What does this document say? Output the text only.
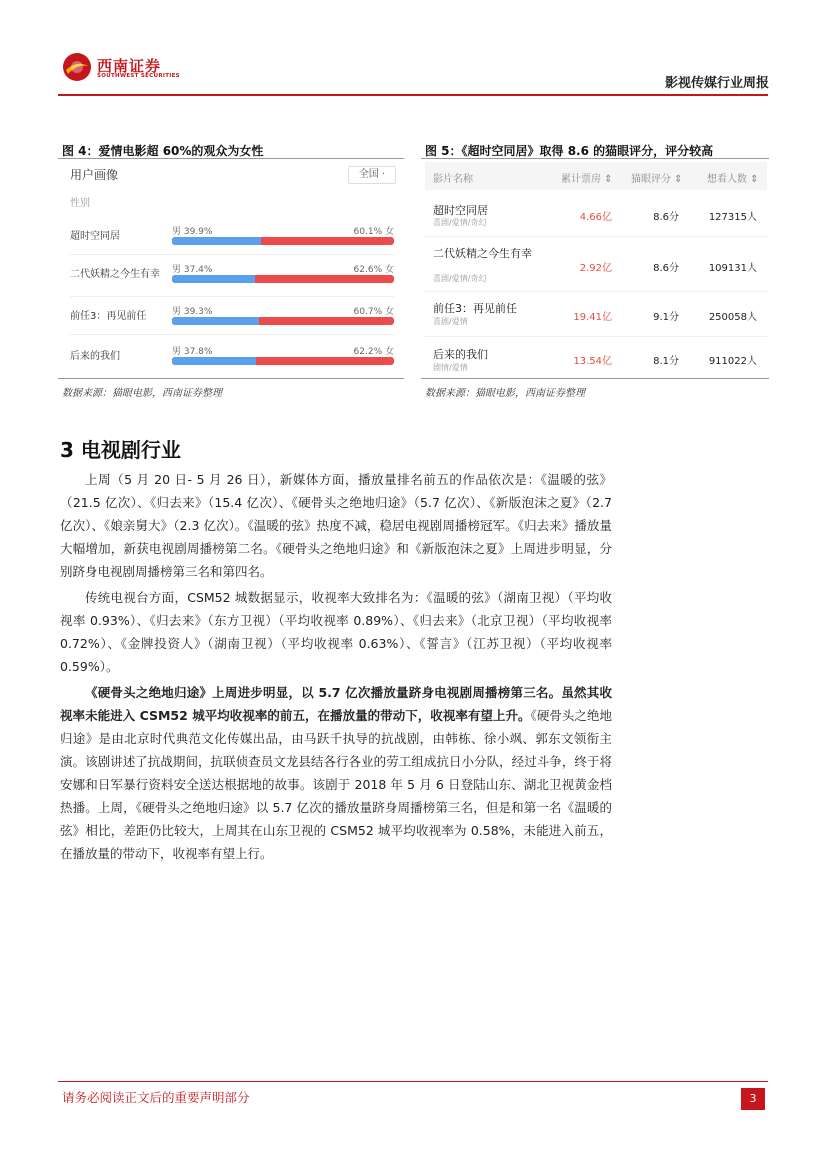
西南证券
SOUTHWEST SECURITIES	影视传媒行业周报
图 4：爱情电影超 60%的观众为女性
用户画像	全国 ·
性别
超时空同居	男 39.9%	60.1% 女
二代妖精之今生有幸	男 37.4%	62.6% 女
前任3：再见前任	男 39.3%	60.7% 女
后来的我们	男 37.8%	62.2% 女
数据来源：猫眼电影，西南证券整理
图 5：《超时空同居》取得 8.6 的猫眼评分，评分较高
影片名称	累计票房 ⇕ 猫眼评分 ⇕ 想看人数 ⇕
超时空同居
喜剧/爱情/奇幻	4.66亿	8.6分	127315人
二代妖精之今生有幸
喜剧/爱情/奇幻
2.92亿	8.6分	109131人
前任3：再见前任
喜剧/爱情	19.41亿	9.1分	250058人
后来的我们
剧情/爱情
13.54亿	8.1分	911022人
数据来源：猫眼电影，西南证券整理
3 电视剧行业

上周（5 月 20 日- 5 月 26 日），新媒体方面，播放量排名前五的作品依次是：《温暖的弦》（21.5 亿次）、《归去来》（15.4 亿次）、《硬骨头之绝地归途》（5.7 亿次）、《新版泡沫之夏》（2.7 亿次）、《娘亲舅大》（2.3 亿次）。《温暖的弦》热度不减，稳居电视剧周播榜冠军。《归去来》播放量大幅增加，新获电视剧周播榜第二名。《硬骨头之绝地归途》和《新版泡沫之夏》上周进步明显，分别跻身电视剧周播榜第三名和第四名。

传统电视台方面，CSM52 城数据显示，收视率大致排名为：《温暖的弦》（湖南卫视）（平均收视率 0.93%）、《归去来》（东方卫视）（平均收视率 0.89%）、《归去来》（北京卫视）（平均收视率 0.72%）、《金牌投资人》（湖南卫视）（平均收视率 0.63%）、《誓言》（江苏卫视）（平均收视率 0.59%）。

《硬骨头之绝地归途》上周进步明显，以 5.7 亿次播放量跻身电视剧周播榜第三名。虽然其收视率未能进入 CSM52 城平均收视率的前五，在播放量的带动下，收视率有望上升。《硬骨头之绝地归途》是由北京时代典范文化传媒出品，由马跃千执导的抗战剧，由韩栋、徐小飒、郭东文领衔主演。该剧讲述了抗战期间，抗联侦查员文龙县结各行各业的劳工组成抗日小分队，经过斗争，终于将安娜和日军暴行资料安全送达根据地的故事。该剧于 2018 年 5 月 6 日登陆山东、湖北卫视黄金档热播。上周，《硬骨头之绝地归途》以 5.7 亿次的播放量跻身周播榜第三名，但是和第一名《温暖的弦》相比，差距仍比较大，上周其在山东卫视的 CSM52 城平均收视率为 0.58%，未能进入前五，在播放量的带动下，收视率有望上行。

请务必阅读正文后的重要声明部分	3
